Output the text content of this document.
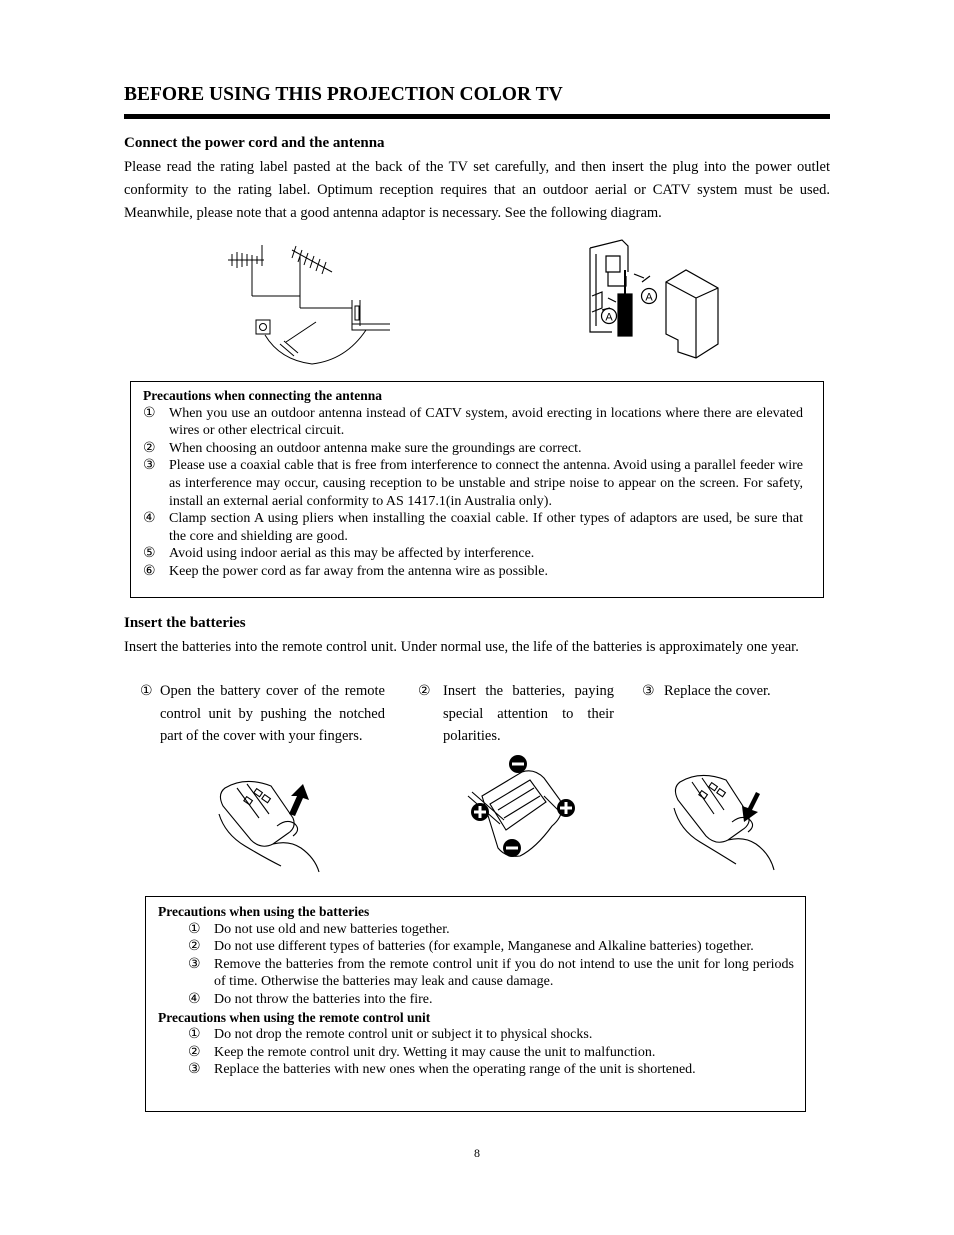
BEFORE USING THIS PROJECTION COLOR TV
Connect the power cord and the antenna

Please read the rating label pasted at the back of the TV set carefully, and then insert the plug into the power outlet conformity to the rating label. Optimum reception requires that an outdoor aerial or CATV system must be used. Meanwhile, please note that a good antenna adaptor is necessary. See the following diagram.

A
A
Precautions when connecting the antenna
① When you use an outdoor antenna instead of CATV system, avoid erecting in locations where there are elevated wires or other electrical circuit.
② When choosing an outdoor antenna make sure the groundings are correct.
③ Please use a coaxial cable that is free from interference to connect the antenna. Avoid using a parallel feeder wire as interference may occur, causing reception to be unstable and stripe noise to appear on the screen. For safety, install an external aerial conformity to AS 1417.1(in Australia only).
④ Clamp section A using pliers when installing the coaxial cable. If other types of adaptors are used, be sure that the core and shielding are good.
⑤ Avoid using indoor aerial as this may be affected by interference.
⑥ Keep the power cord as far away from the antenna wire as possible.
Insert the batteries

Insert the batteries into the remote control unit. Under normal use, the life of the batteries is approximately one year.

① Open the battery cover of the remote control unit by pushing the notched part of the cover with your fingers.
② Insert the batteries, paying special attention to their polarities.
③ Replace the cover.
Precautions when using the batteries
① Do not use old and new batteries together.
② Do not use different types of batteries (for example, Manganese and Alkaline batteries) together.
③ Remove the batteries from the remote control unit if you do not intend to use the unit for long periods of time. Otherwise the batteries may leak and cause damage.
④ Do not throw the batteries into the fire.
Precautions when using the remote control unit
① Do not drop the remote control unit or subject it to physical shocks.
② Keep the remote control unit dry. Wetting it may cause the unit to malfunction.
③ Replace the batteries with new ones when the operating range of the unit is shortened.
8
